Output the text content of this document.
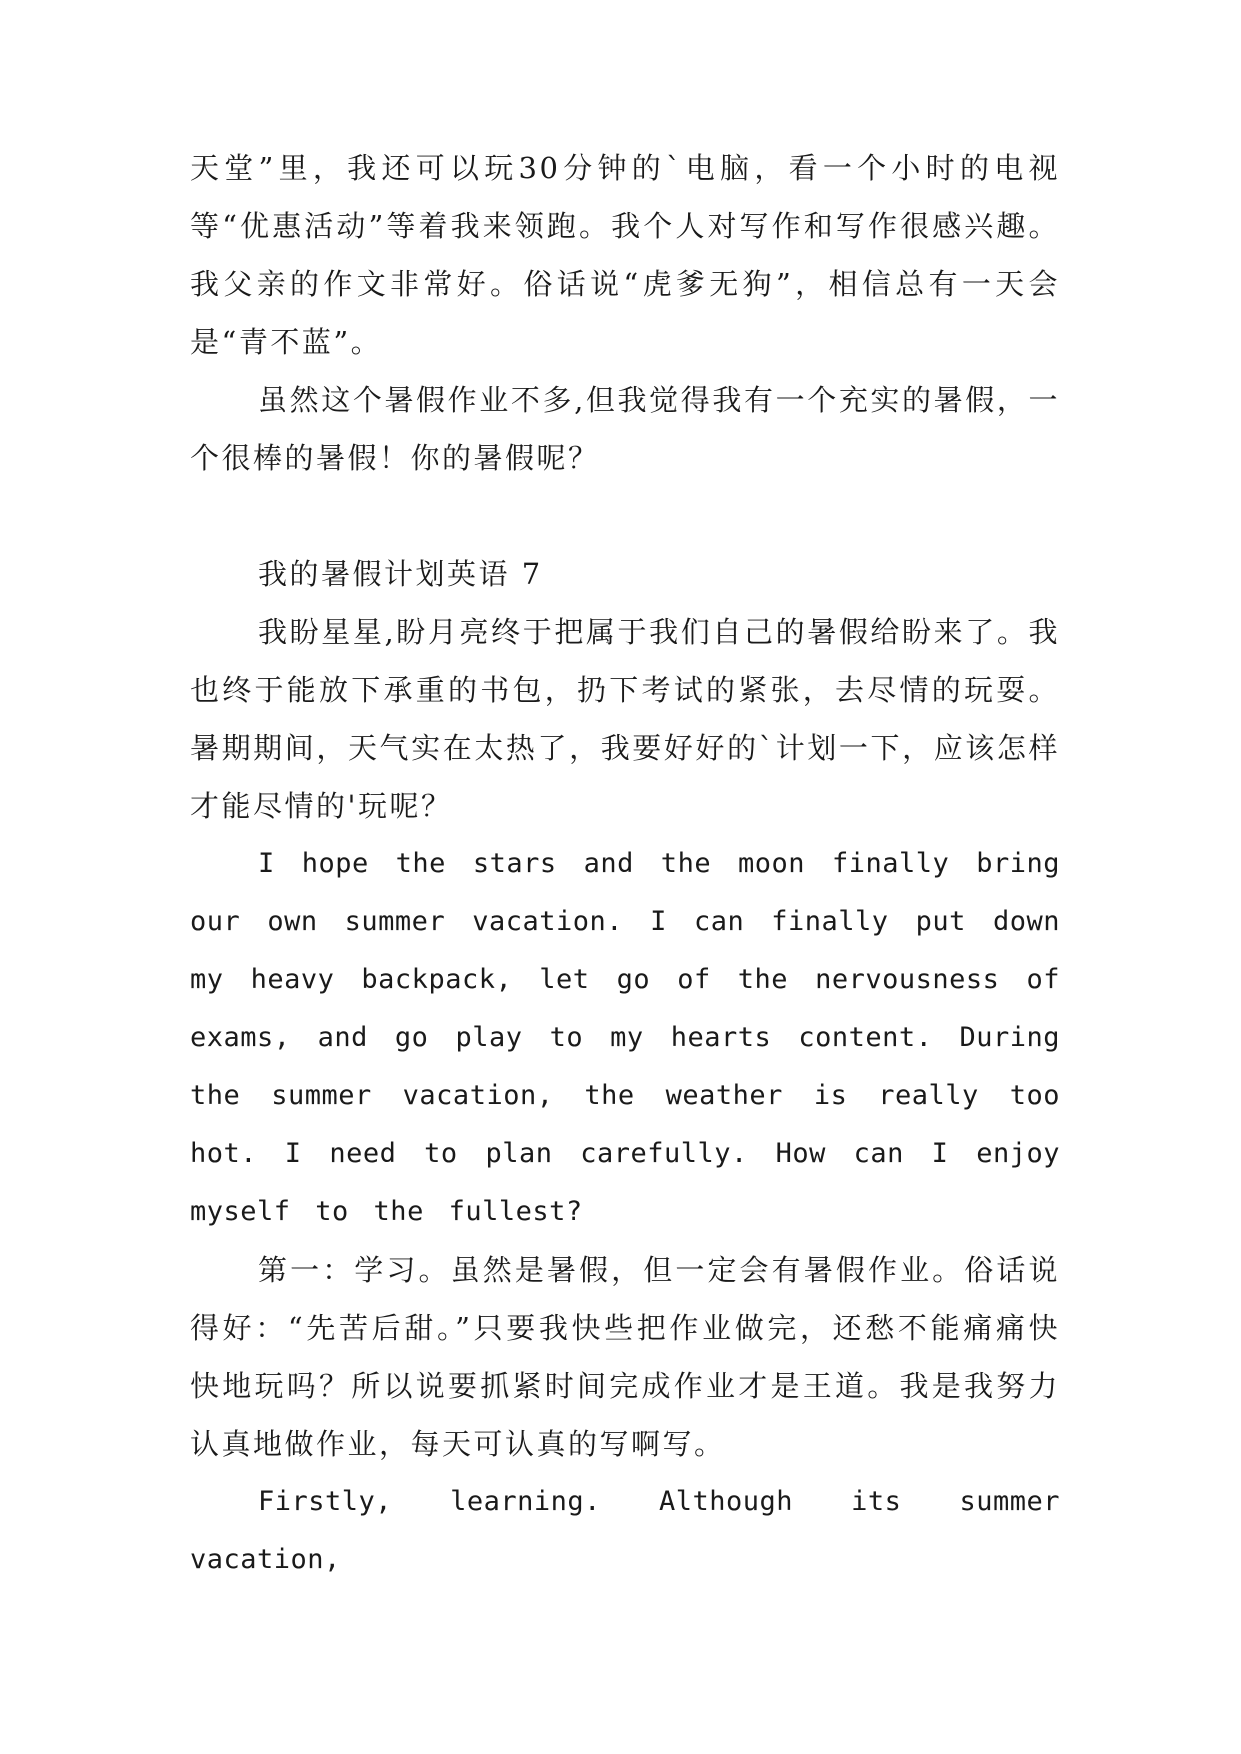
天堂”里，我还可以玩30分钟的`电脑，看一个小时的电视等“优惠活动”等着我来领跑。我个人对写作和写作很感兴趣。我父亲的作文非常好。俗话说“虎爹无狗”，相信总有一天会是“青不蓝”。

虽然这个暑假作业不多,但我觉得我有一个充实的暑假，一个很棒的暑假！你的暑假呢？

我的暑假计划英语 7

我盼星星,盼月亮终于把属于我们自己的暑假给盼来了。我也终于能放下承重的书包，扔下考试的紧张，去尽情的玩耍。暑期期间，天气实在太热了，我要好好的`计划一下，应该怎样才能尽情的'玩呢？

I hope the stars and the moon finally bring our own summer vacation. I can finally put down my heavy backpack, let go of the nervousness of exams, and go play to my hearts content. During the summer vacation, the weather is really too hot. I need to plan carefully. How can I enjoy myself to the fullest?

第一：学习。虽然是暑假，但一定会有暑假作业。俗话说得好：“先苦后甜。”只要我快些把作业做完，还愁不能痛痛快快地玩吗？所以说要抓紧时间完成作业才是王道。我是我努力认真地做作业，每天可认真的写啊写。

Firstly, learning. Although its summer vacation,
